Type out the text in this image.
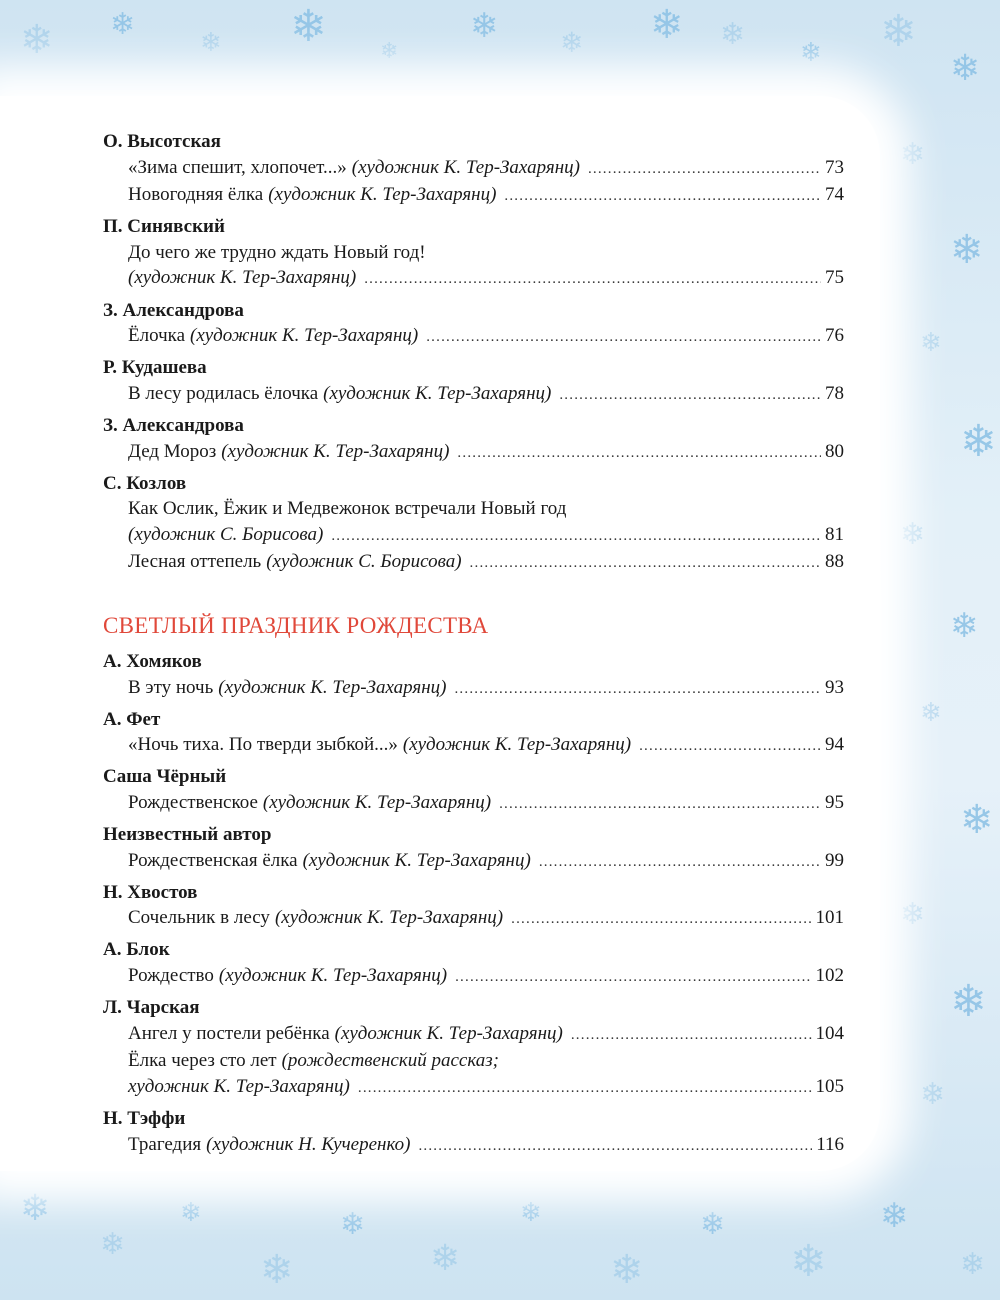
❄ ❄
❄ ❄ ❄
❄ ❄ ❄ ❄
❄ ❄
❄
❄
❄
❄
❄
❄
❄
❄
❄
❄
❄
❄
❄
❄
❄
❄
❄
❄
❄
❄
❄
❄
❄
❄
О. Высотская
«Зима спешит, хлопочет...» (художник К. Тер-Захарянц) .....	73
Новогодняя ёлка (художник К. Тер-Захарянц) .....	74
П. Синявский
До чего же трудно ждать Новый год!
(художник К. Тер-Захарянц) .....	75
З. Александрова
Ёлочка (художник К. Тер-Захарянц) .....	76
Р. Кудашева
В лесу родилась ёлочка (художник К. Тер-Захарянц) .....	78
З. Александрова
Дед Мороз (художник К. Тер-Захарянц) .....	80
С. Козлов
Как Ослик, Ёжик и Медвежонок встречали Новый год
(художник С. Борисова) .....	81
Лесная оттепель (художник С. Борисова) .....	88
СВЕТЛЫЙ ПРАЗДНИК РОЖДЕСТВА
А. Хомяков
В эту ночь (художник К. Тер-Захарянц) .....	93
А. Фет
«Ночь тиха. По тверди зыбкой...» (художник К. Тер-Захарянц) .....	94
Саша Чёрный
Рождественское (художник К. Тер-Захарянц) .....	95
Неизвестный автор
Рождественская ёлка (художник К. Тер-Захарянц) .....	99
Н. Хвостов
Сочельник в лесу (художник К. Тер-Захарянц) .....	101
А. Блок
Рождество (художник К. Тер-Захарянц) .....	102
Л. Чарская
Ангел у постели ребёнка (художник К. Тер-Захарянц) .....	104
Ёлка через сто лет (рождественский рассказ;
художник К. Тер-Захарянц) .....	105
Н. Тэффи
Трагедия (художник Н. Кучеренко) .....	116
